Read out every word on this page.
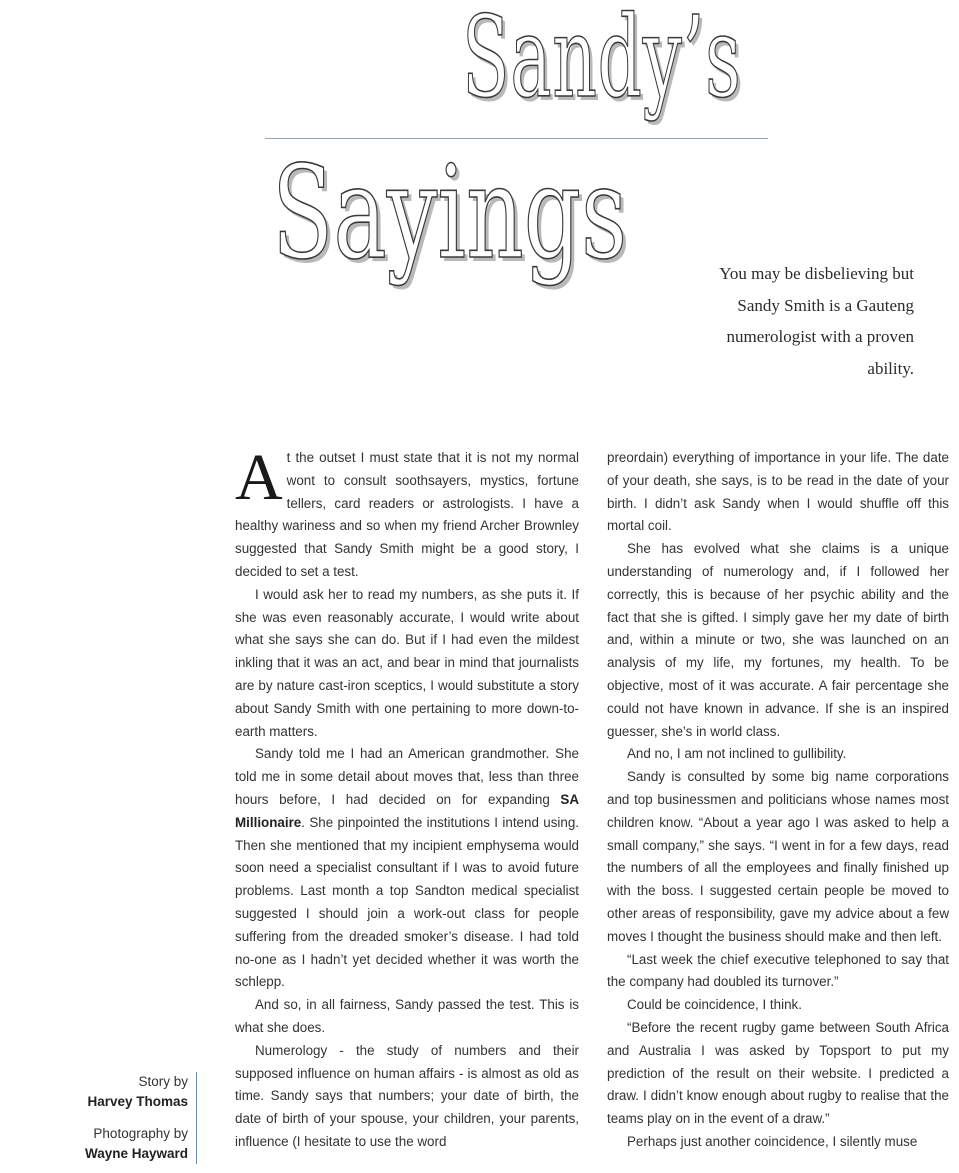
Sandy’s
Sayings	You may be disbelieving but Sandy Smith is a Gauteng numerologist with a proven ability.

At the outset I must state that it is not my normal wont to consult soothsayers, mystics, fortune tellers, card readers or astrologists. I have a healthy wariness and so when my friend Archer Brownley suggested that Sandy Smith might be a good story, I decided to set a test.

I would ask her to read my numbers, as she puts it. If she was even reasonably accurate, I would write about what she says she can do. But if I had even the mildest inkling that it was an act, and bear in mind that journalists are by nature cast-iron sceptics, I would substitute a story about Sandy Smith with one pertaining to more down-to-earth matters.

Sandy told me I had an American grandmother. She told me in some detail about moves that, less than three hours before, I had decided on for expanding SA Millionaire. She pinpointed the institutions I intend using. Then she mentioned that my incipient emphysema would soon need a specialist consultant if I was to avoid future problems. Last month a top Sandton medical specialist suggested I should join a work-out class for people suffering from the dreaded smoker’s disease. I had told no-one as I hadn’t yet decided whether it was worth the schlepp.

And so, in all fairness, Sandy passed the test. This is what she does.

Numerology - the study of numbers and their supposed influence on human affairs - is almost as old as time. Sandy says that numbers; your date of birth, the date of birth of your spouse, your children, your parents, influence (I hesitate to use the word

preordain) everything of importance in your life. The date of your death, she says, is to be read in the date of your birth. I didn’t ask Sandy when I would shuffle off this mortal coil.

She has evolved what she claims is a unique understanding of numerology and, if I followed her correctly, this is because of her psychic ability and the fact that she is gifted. I simply gave her my date of birth and, within a minute or two, she was launched on an analysis of my life, my fortunes, my health. To be objective, most of it was accurate. A fair percentage she could not have known in advance. If she is an inspired guesser, she’s in world class.

And no, I am not inclined to gullibility.

Sandy is consulted by some big name corporations and top businessmen and politicians whose names most children know. “About a year ago I was asked to help a small company,” she says. “I went in for a few days, read the numbers of all the employees and finally finished up with the boss. I suggested certain people be moved to other areas of responsibility, gave my advice about a few moves I thought the business should make and then left.

“Last week the chief executive telephoned to say that the company had doubled its turnover.”

Could be coincidence, I think.

“Before the recent rugby game between South Africa and Australia I was asked by Topsport to put my prediction of the result on their website. I predicted a draw. I didn’t know enough about rugby to realise that the teams play on in the event of a draw.”

Perhaps just another coincidence, I silently muse

Story by
Harvey Thomas
Photography by
Wayne Hayward
